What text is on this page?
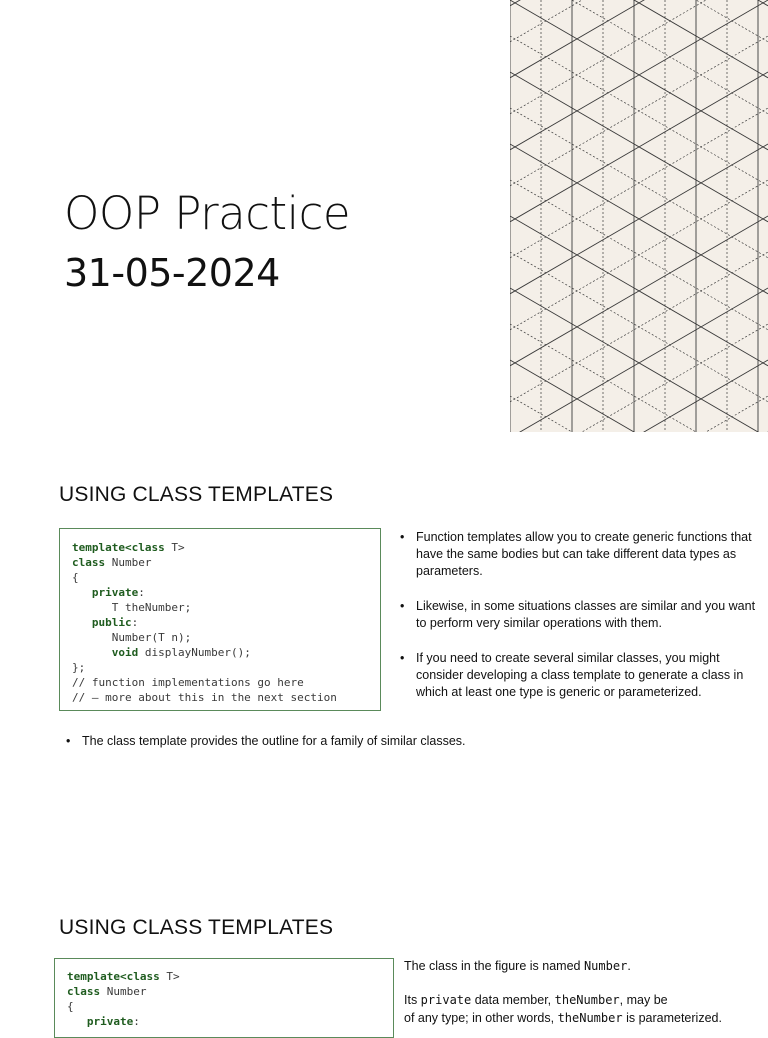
OOP Practice
31-05-2024
USING CLASS TEMPLATES
template<class T>
class Number
{
private:
T theNumber;
public:
Number(T n);
void displayNumber();
};
// function implementations go here
// — more about this in the next section
• Function templates allow you to create generic functions that have the same bodies but can take different data types as parameters.
• Likewise, in some situations classes are similar and you want to perform very similar operations with them.
• If you need to create several similar classes, you might consider developing a class template to generate a class in which at least one type is generic or parameterized.
• The class template provides the outline for a family of similar classes.
USING CLASS TEMPLATES
template<class T>
class Number
{
private:

The class in the figure is named Number.

Its private data member, theNumber, may be

of any type; in other words, theNumber is parameterized.
